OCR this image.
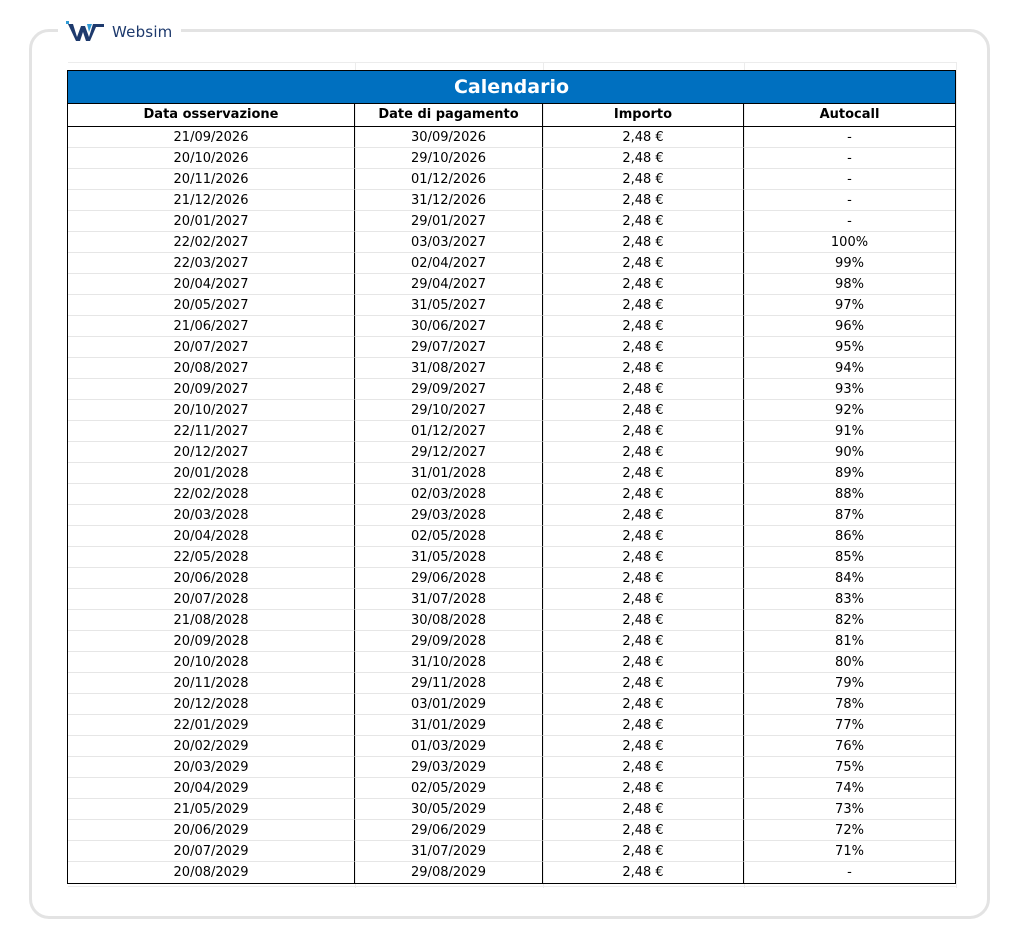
Websim
Calendario
Data osservazione	Date di pagamento	Importo	Autocall
21/09/2026	30/09/2026	2,48 €	-
20/10/2026	29/10/2026	2,48 €	-
20/11/2026	01/12/2026	2,48 €	-
21/12/2026	31/12/2026	2,48 €	-
20/01/2027	29/01/2027	2,48 €	-
22/02/2027	03/03/2027	2,48 €	100%
22/03/2027	02/04/2027	2,48 €	99%
20/04/2027	29/04/2027	2,48 €	98%
20/05/2027	31/05/2027	2,48 €	97%
21/06/2027	30/06/2027	2,48 €	96%
20/07/2027	29/07/2027	2,48 €	95%
20/08/2027	31/08/2027	2,48 €	94%
20/09/2027	29/09/2027	2,48 €	93%
20/10/2027	29/10/2027	2,48 €	92%
22/11/2027	01/12/2027	2,48 €	91%
20/12/2027	29/12/2027	2,48 €	90%
20/01/2028	31/01/2028	2,48 €	89%
22/02/2028	02/03/2028	2,48 €	88%
20/03/2028	29/03/2028	2,48 €	87%
20/04/2028	02/05/2028	2,48 €	86%
22/05/2028	31/05/2028	2,48 €	85%
20/06/2028	29/06/2028	2,48 €	84%
20/07/2028	31/07/2028	2,48 €	83%
21/08/2028	30/08/2028	2,48 €	82%
20/09/2028	29/09/2028	2,48 €	81%
20/10/2028	31/10/2028	2,48 €	80%
20/11/2028	29/11/2028	2,48 €	79%
20/12/2028	03/01/2029	2,48 €	78%
22/01/2029	31/01/2029	2,48 €	77%
20/02/2029	01/03/2029	2,48 €	76%
20/03/2029	29/03/2029	2,48 €	75%
20/04/2029	02/05/2029	2,48 €	74%
21/05/2029	30/05/2029	2,48 €	73%
20/06/2029	29/06/2029	2,48 €	72%
20/07/2029	31/07/2029	2,48 €	71%
20/08/2029	29/08/2029	2,48 €	-
